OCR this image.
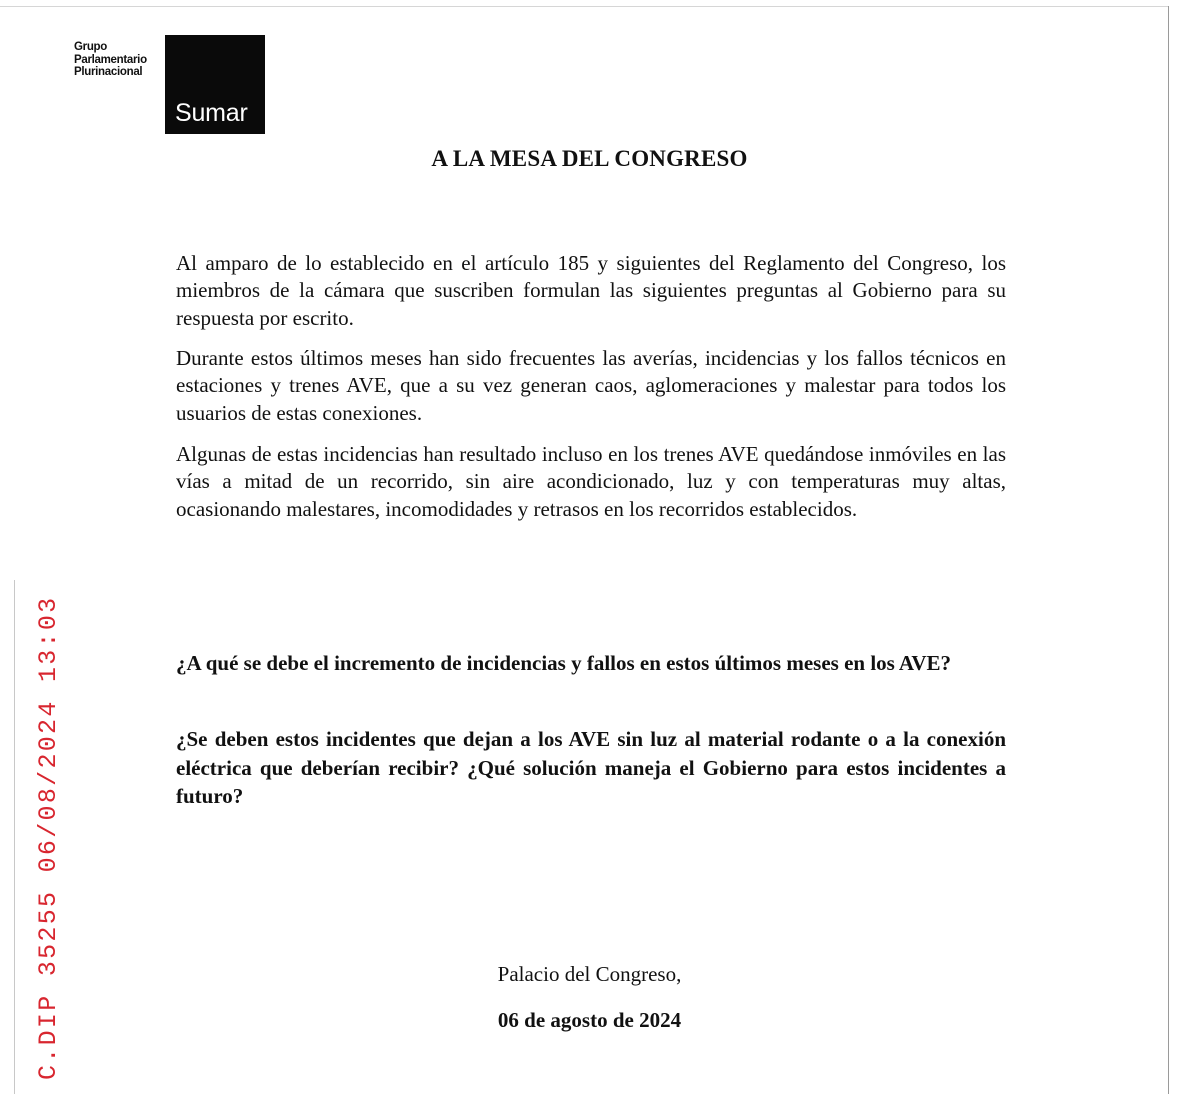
Grupo
Parlamentario
Plurinacional
Sumar
A LA MESA DEL CONGRESO

Al amparo de lo establecido en el artículo 185 y siguientes del Reglamento del Congreso, los miembros de la cámara que suscriben formulan las siguientes preguntas al Gobierno para su respuesta por escrito.

Durante estos últimos meses han sido frecuentes las averías, incidencias y los fallos técnicos en estaciones y trenes AVE, que a su vez generan caos, aglomeraciones y malestar para todos los usuarios de estas conexiones.

Algunas de estas incidencias han resultado incluso en los trenes AVE quedándose inmóviles en las vías a mitad de un recorrido, sin aire acondicionado, luz y con temperaturas muy altas, ocasionando malestares, incomodidades y retrasos en los recorridos establecidos.

¿A qué se debe el incremento de incidencias y fallos en estos últimos meses en los AVE?

¿Se deben estos incidentes que dejan a los AVE sin luz al material rodante o a la conexión eléctrica que deberían recibir? ¿Qué solución maneja el Gobierno para estos incidentes a futuro?

Palacio del Congreso,
06 de agosto de 2024
C.DIP 35255 06/08/2024 13:03
